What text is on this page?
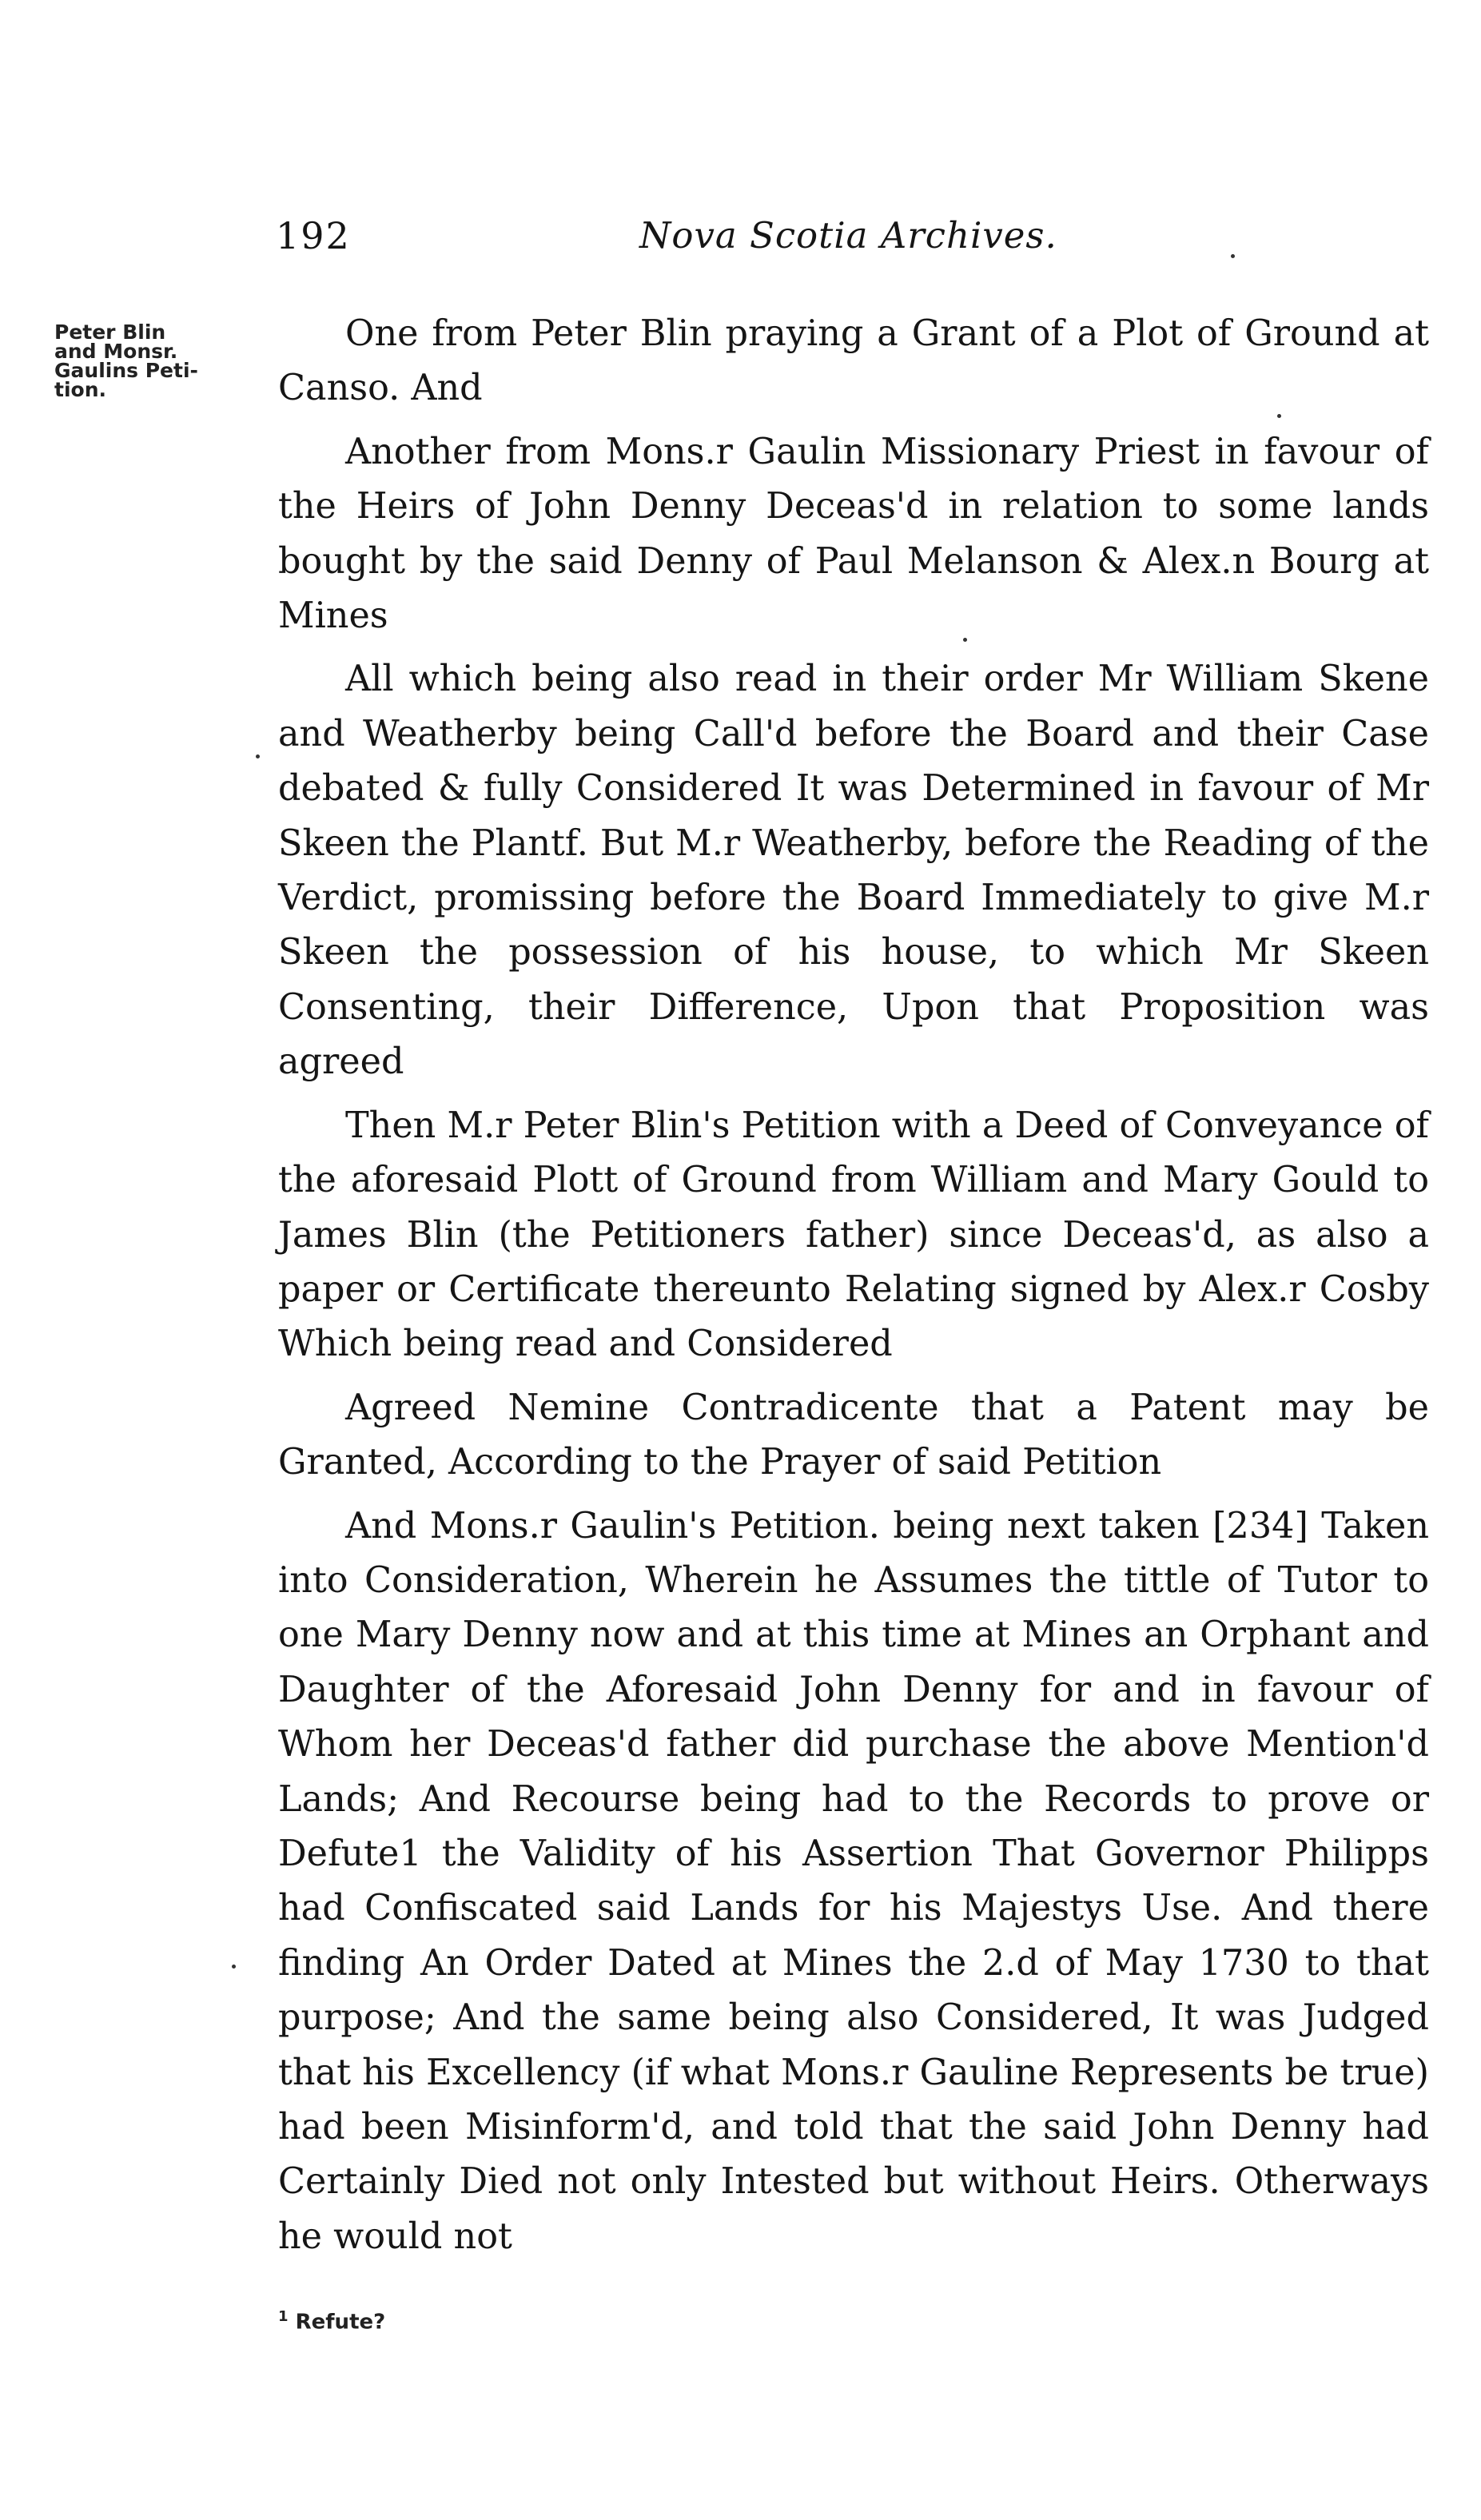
192	Nova Scotia Archives.
Peter Blin
and Monsr.
Gaulins Peti-
tion.

One from Peter Blin praying a Grant of a Plot of Ground at Canso. And

Another from Mons.r Gaulin Missionary Priest in favour of the Heirs of John Denny Deceas'd in relation to some lands bought by the said Denny of Paul Melanson & Alex.n Bourg at Mines

All which being also read in their order Mr William Skene and Weatherby being Call'd before the Board and their Case debated & fully Considered It was Determined in favour of Mr Skeen the Plantf. But M.r Weatherby, before the Reading of the Verdict, promissing before the Board Immediately to give M.r Skeen the possession of his house, to which Mr Skeen Consenting, their Difference, Upon that Proposition was agreed

Then M.r Peter Blin's Petition with a Deed of Conveyance of the aforesaid Plott of Ground from William and Mary Gould to James Blin (the Petitioners father) since Deceas'd, as also a paper or Certificate thereunto Relating signed by Alex.r Cosby Which being read and Considered

Agreed Nemine Contradicente that a Patent may be Granted, According to the Prayer of said Petition

And Mons.r Gaulin's Petition. being next taken [234] Taken into Consideration, Wherein he Assumes the tittle of Tutor to one Mary Denny now and at this time at Mines an Orphant and Daughter of the Aforesaid John Denny for and in favour of Whom her Deceas'd father did purchase the above Mention'd Lands; And Recourse being had to the Records to prove or Defute1 the Validity of his Assertion That Governor Philipps had Confiscated said Lands for his Majestys Use. And there finding An Order Dated at Mines the 2.d of May 1730 to that purpose; And the same being also Considered, It was Judged that his Excellency (if what Mons.r Gauline Represents be true) had been Misinform'd, and told that the said John Denny had Certainly Died not only Intested but without Heirs. Otherways he would not

$^1$ Refute?
